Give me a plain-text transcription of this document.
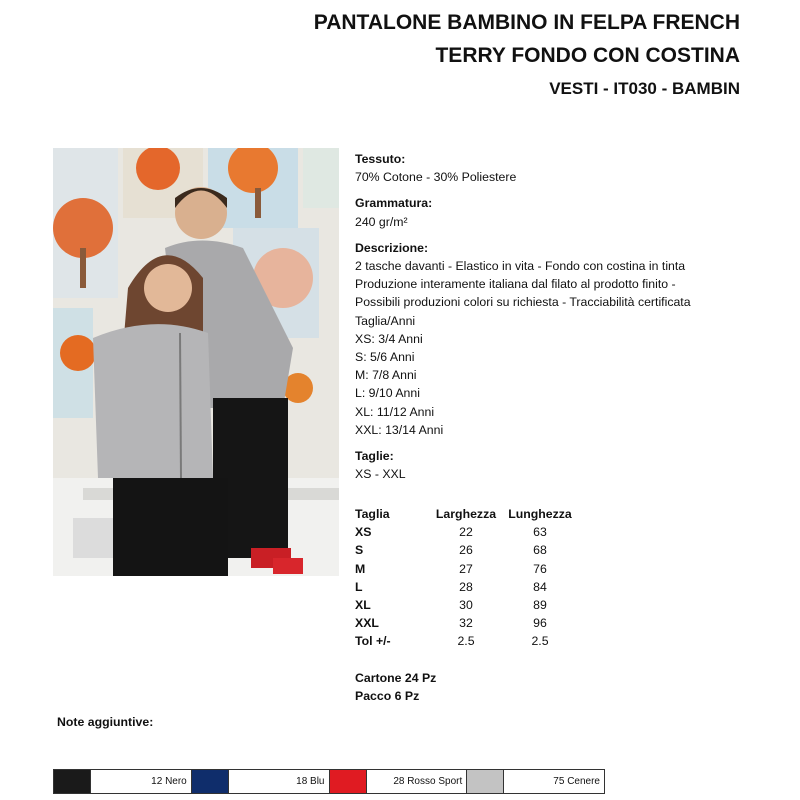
PANTALONE BAMBINO IN FELPA FRENCH
TERRY FONDO CON COSTINA
VESTI - IT030 - BAMBIN
Tessuto:
70% Cotone - 30% Poliestere
Grammatura:
240 gr/m²
Descrizione:
2 tasche davanti - Elastico in vita - Fondo con costina in tinta
Produzione interamente italiana dal filato al prodotto finito -
Possibili produzioni colori su richiesta - Tracciabilità certificata
Taglia/Anni
XS: 3/4 Anni
S: 5/6 Anni
M: 7/8 Anni
L: 9/10 Anni
XL: 11/12 Anni
XXL: 13/14 Anni
Taglie:
XS - XXL
Taglia	Larghezza	Lunghezza
XS	22	63
S	26	68
M	27	76
L	28	84
XL	30	89
XXL	32	96
Tol +/-	2.5	2.5
Cartone 24 Pz
Pacco 6 Pz
Note aggiuntive:
12 Nero	18 Blu	28 Rosso Sport	75 Cenere
